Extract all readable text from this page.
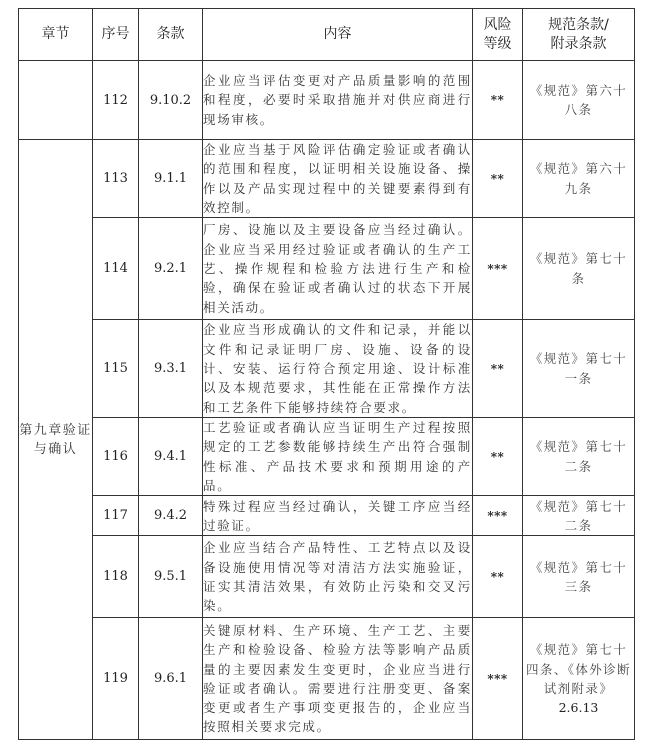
章节	序号	条款	内容	风险等级	规范条款/附录条款
	112	9.10.2	企业应当评估变更对产品质量影响的范围和程度，必要时采取措施并对供应商进行现场审核。	**	《规范》第六十八条
第九章验证与确认	113	9.1.1	企业应当基于风险评估确定验证或者确认的范围和程度，以证明相关设施设备、操作以及产品实现过程中的关键要素得到有效控制。	**	《规范》第六十九条
	114	9.2.1	厂房、设施以及主要设备应当经过确认。企业应当采用经过验证或者确认的生产工艺、操作规程和检验方法进行生产和检验，确保在验证或者确认过的状态下开展相关活动。	***	《规范》第七十条
	115	9.3.1	企业应当形成确认的文件和记录，并能以文件和记录证明厂房、设施、设备的设计、安装、运行符合预定用途、设计标准以及本规范要求，其性能在正常操作方法和工艺条件下能够持续符合要求。	**	《规范》第七十一条
	116	9.4.1	工艺验证或者确认应当证明生产过程按照规定的工艺参数能够持续生产出符合强制性标准、产品技术要求和预期用途的产品。	**	《规范》第七十二条
	117	9.4.2	特殊过程应当经过确认，关键工序应当经过验证。	***	《规范》第七十二条
	118	9.5.1	企业应当结合产品特性、工艺特点以及设备设施使用情况等对清洁方法实施验证，证实其清洁效果，有效防止污染和交叉污染。	**	《规范》第七十三条
	119	9.6.1	关键原材料、生产环境、生产工艺、主要生产和检验设备、检验方法等影响产品质量的主要因素发生变更时，企业应当进行验证或者确认。需要进行注册变更、备案变更或者生产事项变更报告的，企业应当按照相关要求完成。	***	《规范》第七十四条、《体外诊断试剂附录》
2.6.13
